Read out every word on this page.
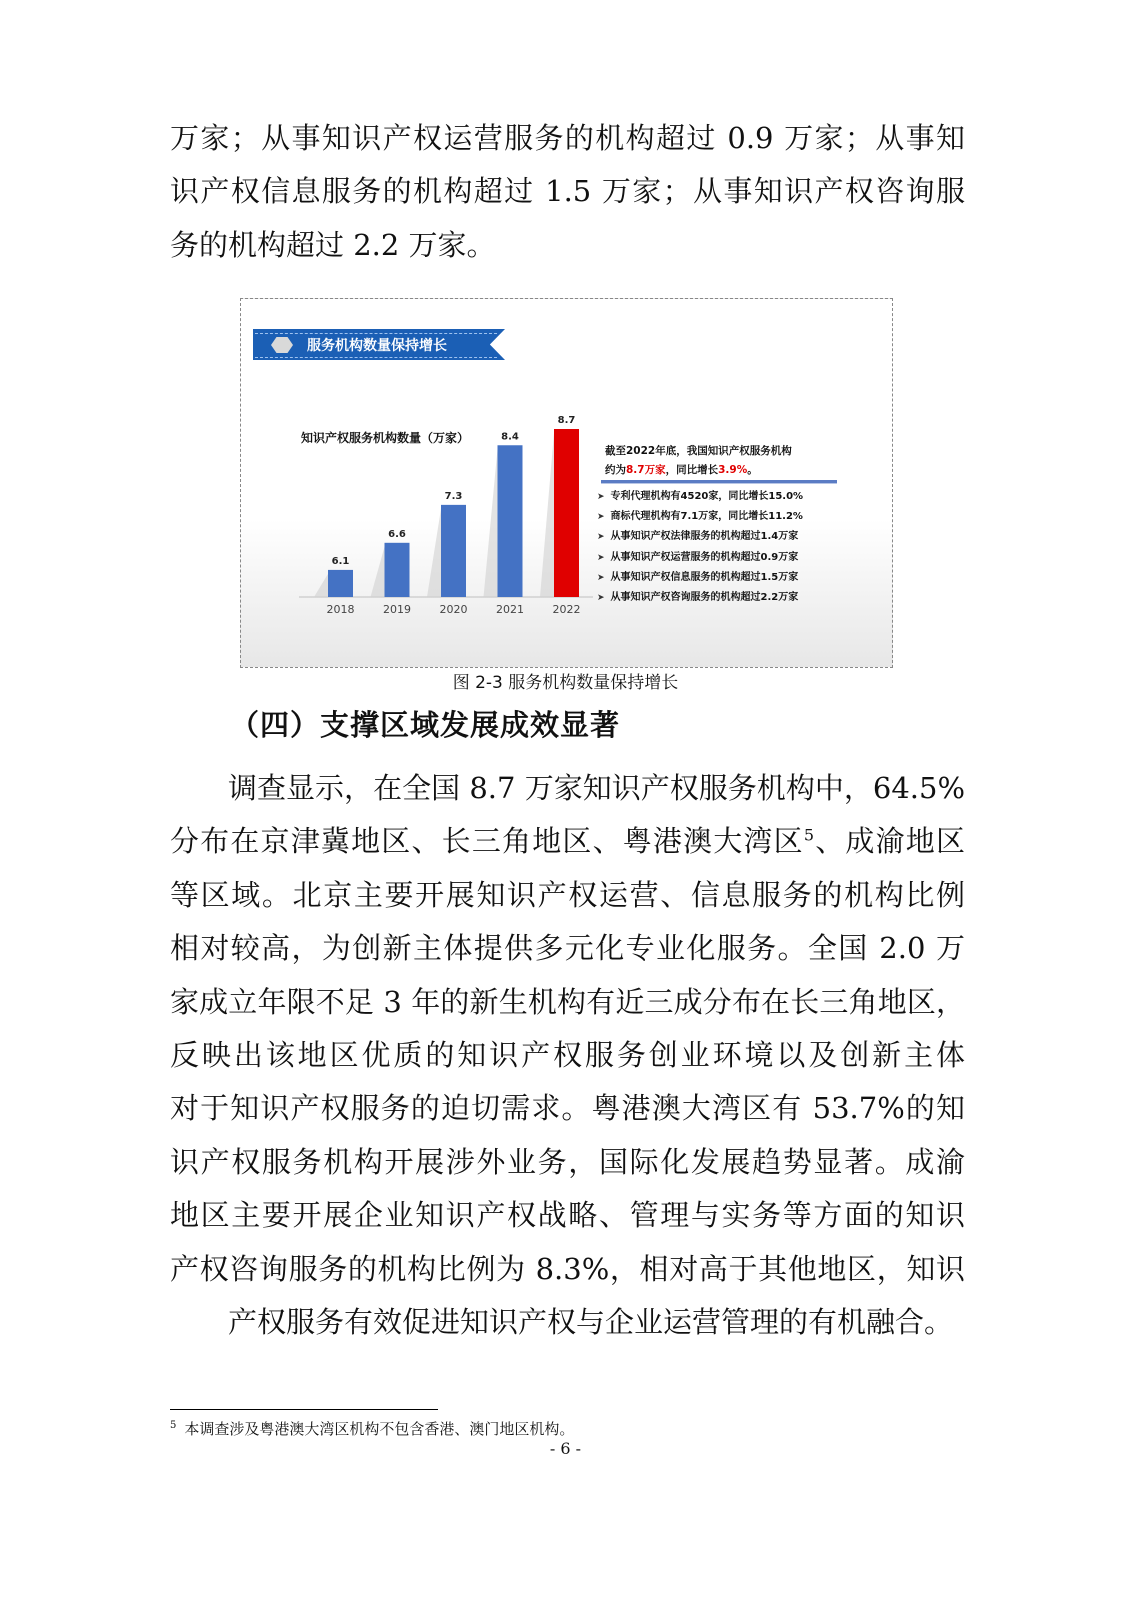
万家；从事知识产权运营服务的机构超过 0.9 万家；从事知
识产权信息服务的机构超过 1.5 万家；从事知识产权咨询服
务的机构超过 2.2 万家。

服务机构数量保持增长
知识产权服务机构数量（万家）
6.1
2018
6.6
2019
7.3
2020
8.4
2021
8.7
2022
截至2022年底，我国知识产权服务机构
约为8.7万家，同比增长3.9%。
➤ 专利代理机构有4520家，同比增长15.0%
➤ 商标代理机构有7.1万家，同比增长11.2%
➤ 从事知识产权法律服务的机构超过1.4万家
➤ 从事知识产权运营服务的机构超过0.9万家
➤ 从事知识产权信息服务的机构超过1.5万家
➤ 从事知识产权咨询服务的机构超过2.2万家

图 2-3 服务机构数量保持增长

（四）支撑区域发展成效显著

调查显示，在全国 8.7 万家知识产权服务机构中，64.5%
分布在京津冀地区、长三角地区、粤港澳大湾区$^5$、成渝地区
等区域。北京主要开展知识产权运营、信息服务的机构比例
相对较高，为创新主体提供多元化专业化服务。全国 2.0 万
家成立年限不足 3 年的新生机构有近三成分布在长三角地区，
反映出该地区优质的知识产权服务创业环境以及创新主体
对于知识产权服务的迫切需求。粤港澳大湾区有 53.7%的知
识产权服务机构开展涉外业务，国际化发展趋势显著。成渝
地区主要开展企业知识产权战略、管理与实务等方面的知识
产权咨询服务的机构比例为 8.3%，相对高于其他地区，知识
产权服务有效促进知识产权与企业运营管理的有机融合。

$^5$ 本调查涉及粤港澳大湾区机构不包含香港、澳门地区机构。

- 6 -
